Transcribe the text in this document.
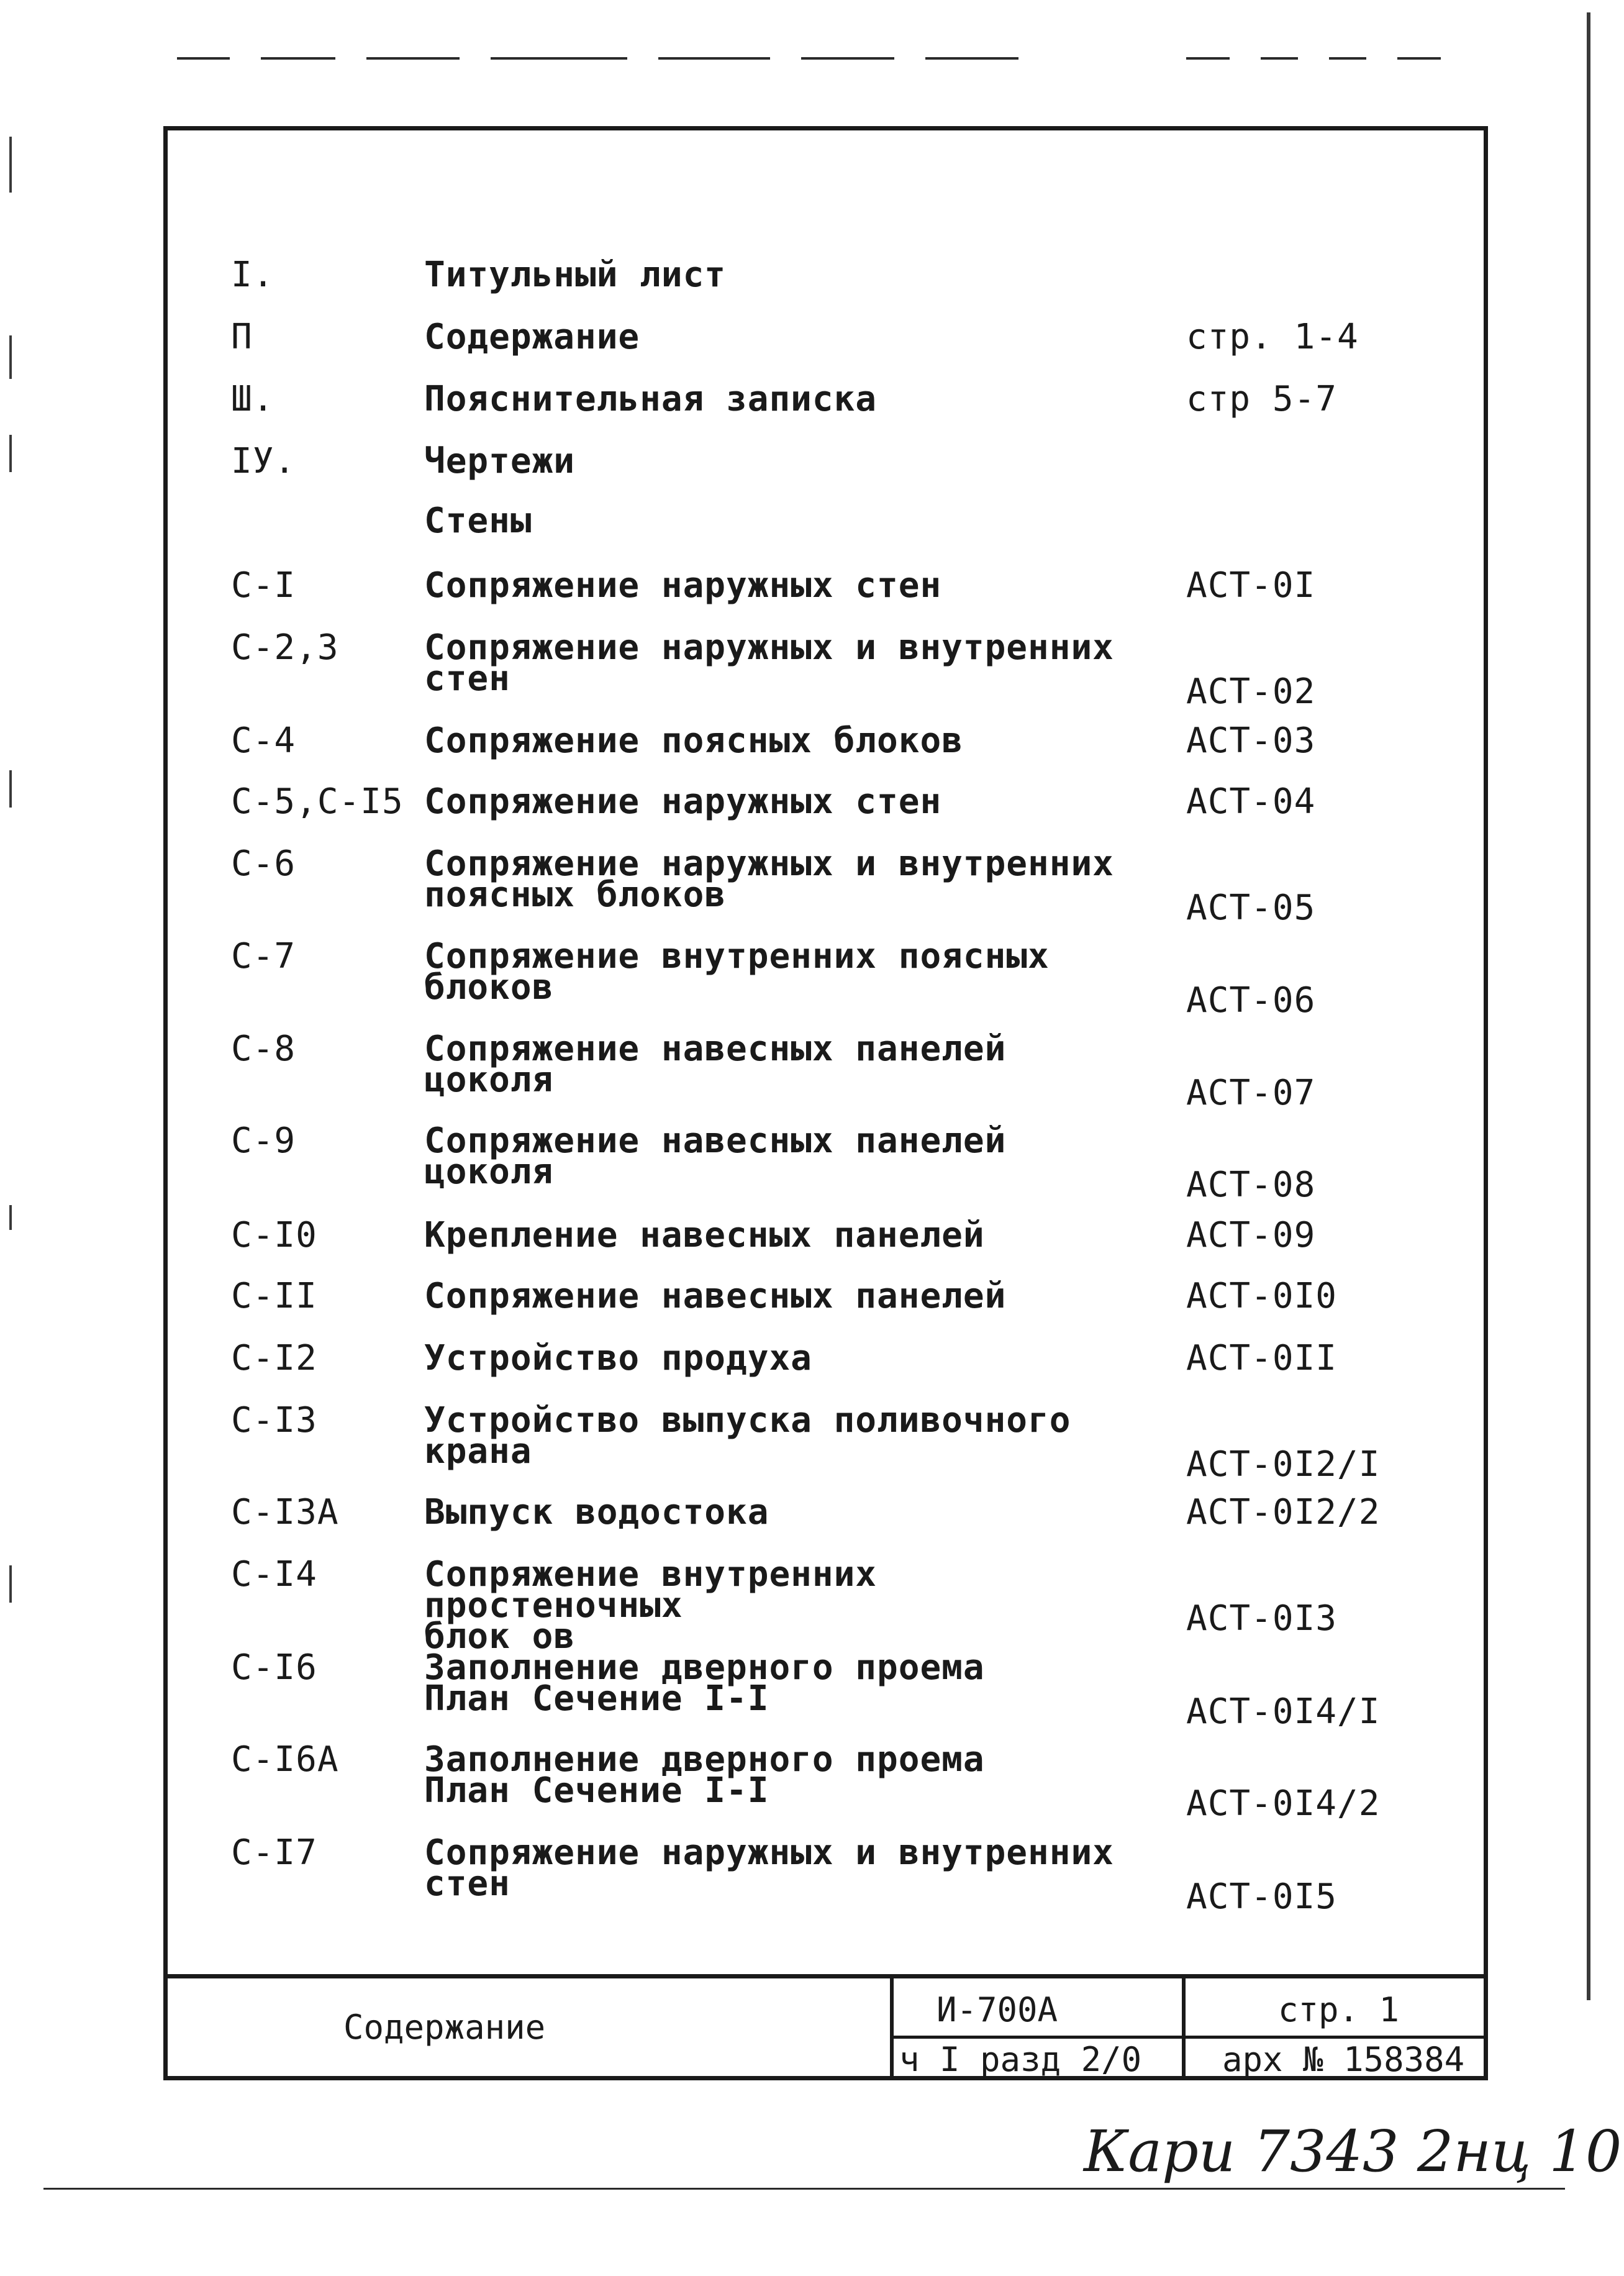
I.	Титульный лист
П	Содержание	стр. 1-4
Ш.	Пояснительная записка	стр 5-7
IУ.	Чертежи
Стены
С-I	Сопряжение наружных стен	АСТ-0I
С-2,3 Сопряжение наружных и внутренних
стен	АСТ-02
С-4	Сопряжение поясных блоков	АСТ-03
С-5,С-I5 Сопряжение наружных стен	АСТ-04
С-6	Сопряжение наружных и внутренних
поясных блоков	АСТ-05
С-7	Сопряжение внутренних поясных
блоков	АСТ-06
С-8	Сопряжение навесных панелей
цоколя	АСТ-07
С-9	Сопряжение навесных панелей
цоколя	АСТ-08
С-I0	Крепление навесных панелей	АСТ-09
С-II	Сопряжение навесных панелей	АСТ-0I0
С-I2	Устройство продуха	АСТ-0II
С-I3	Устройство выпуска поливочного
крана	АСТ-0I2/I
С-I3А Выпуск водостока	АСТ-0I2/2
С-I4	Сопряжение внутренних простеночных
блок ов	АСТ-0I3
С-I6	Заполнение дверного проема
План Сечение I-I	АСТ-0I4/I
С-I6А Заполнение дверного проема
План Сечение I-I	АСТ-0I4/2
С-I7	Сопряжение наружных и внутренних
стен	АСТ-0I5
Содержание	И-700А
ч I разд 2/0
стр. 1
арх № 158384
Кари 7343 2нц 10
